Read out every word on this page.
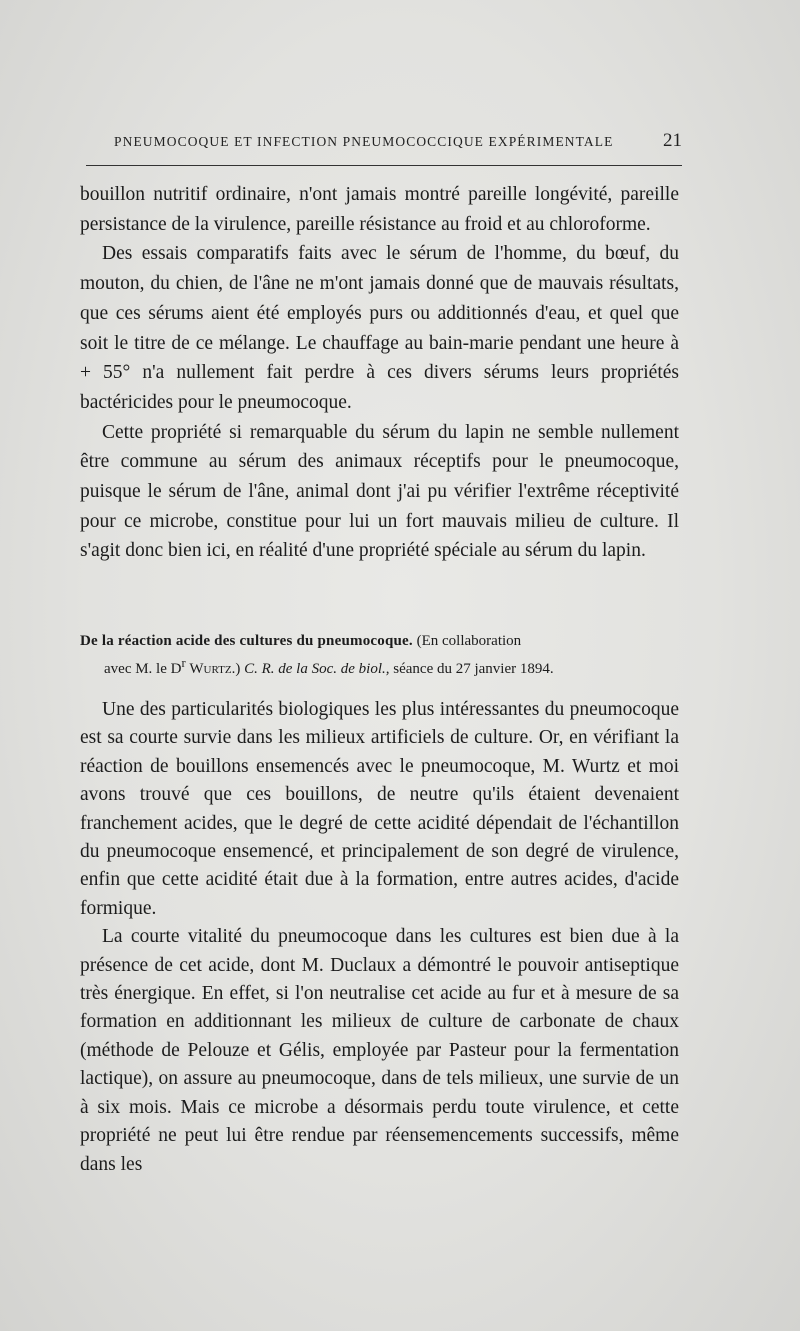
PNEUMOCOQUE ET INFECTION PNEUMOCOCCIQUE EXPÉRIMENTALE	21

bouillon nutritif ordinaire, n'ont jamais montré pareille longévité, pareille persistance de la virulence, pareille résistance au froid et au chloroforme.

Des essais comparatifs faits avec le sérum de l'homme, du bœuf, du mouton, du chien, de l'âne ne m'ont jamais donné que de mauvais résultats, que ces sérums aient été employés purs ou additionnés d'eau, et quel que soit le titre de ce mélange. Le chauffage au bain-marie pendant une heure à + 55° n'a nullement fait perdre à ces divers sérums leurs propriétés bactéricides pour le pneumocoque.

Cette propriété si remarquable du sérum du lapin ne semble nullement être commune au sérum des animaux réceptifs pour le pneumocoque, puisque le sérum de l'âne, animal dont j'ai pu vérifier l'extrême réceptivité pour ce microbe, constitue pour lui un fort mauvais milieu de culture. Il s'agit donc bien ici, en réalité d'une propriété spéciale au sérum du lapin.

De la réaction acide des cultures du pneumocoque. (En collaboration
avec M. le $D^r$ Wurtz.) C. R. de la Soc. de biol., séance du 27 janvier 1894.

Une des particularités biologiques les plus intéressantes du pneumocoque est sa courte survie dans les milieux artificiels de culture. Or, en vérifiant la réaction de bouillons ensemencés avec le pneumocoque, M. Wurtz et moi avons trouvé que ces bouillons, de neutre qu'ils étaient devenaient franchement acides, que le degré de cette acidité dépendait de l'échantillon du pneumocoque ensemencé, et principalement de son degré de virulence, enfin que cette acidité était due à la formation, entre autres acides, d'acide formique.

La courte vitalité du pneumocoque dans les cultures est bien due à la présence de cet acide, dont M. Duclaux a démontré le pouvoir antiseptique très énergique. En effet, si l'on neutralise cet acide au fur et à mesure de sa formation en additionnant les milieux de culture de carbonate de chaux (méthode de Pelouze et Gélis, employée par Pasteur pour la fermentation lactique), on assure au pneumocoque, dans de tels milieux, une survie de un à six mois. Mais ce microbe a désormais perdu toute virulence, et cette propriété ne peut lui être rendue par réensemencements successifs, même dans les
